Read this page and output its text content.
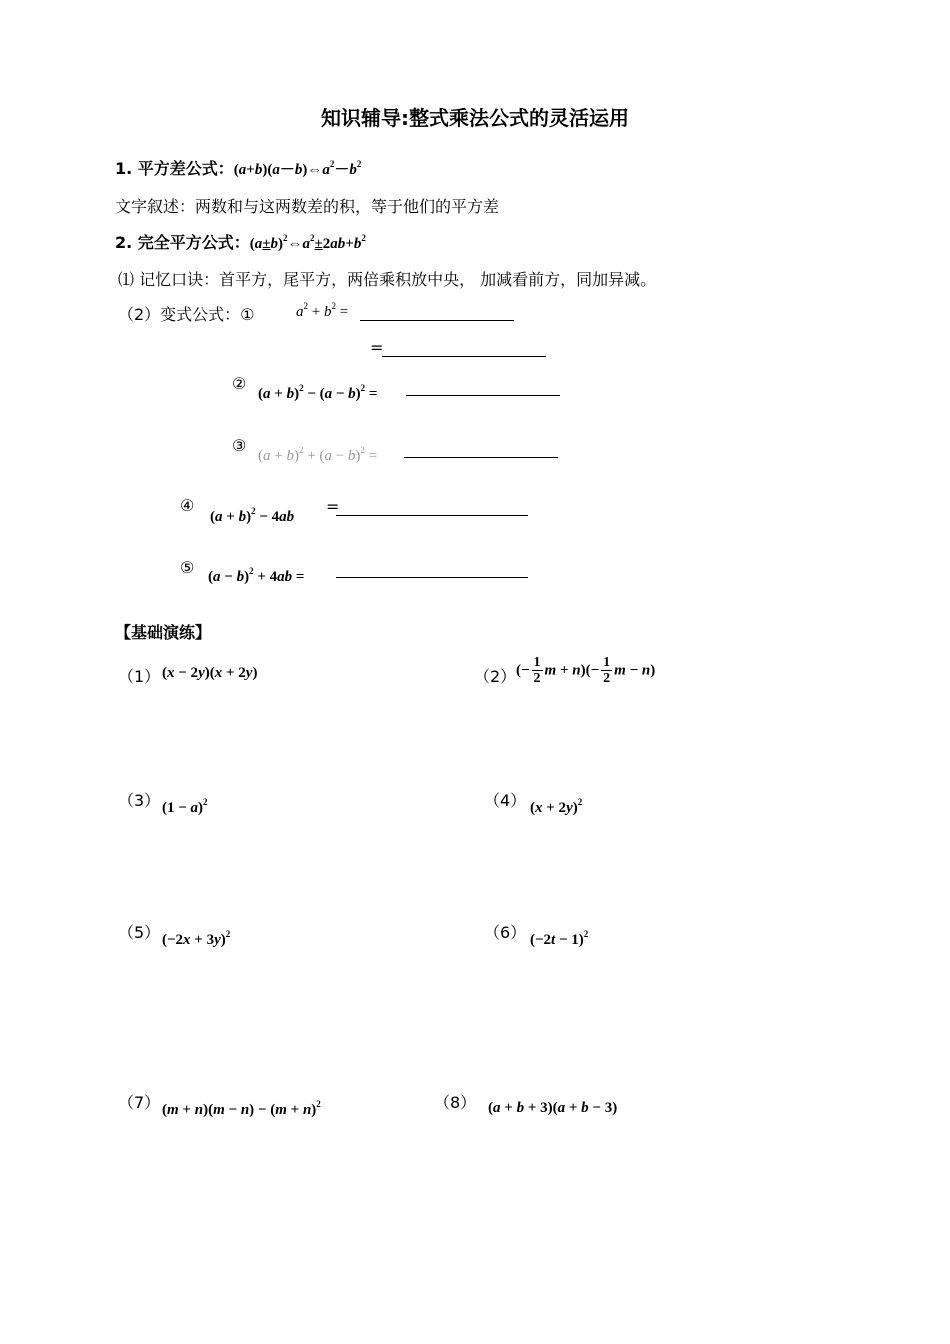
知识辅导:整式乘法公式的灵活运用
1. 平方差公式：$(a+b)(a-b)\Leftrightarrow a^2-b^2$
文字叙述：两数和与这两数差的积，等于他们的平方差
2. 完全平方公式：$(a\pm b)^2\Leftrightarrow a^2\pm 2ab+b^2$
⑴ 记忆口诀：首平方，尾平方，两倍乘积放中央， 加减看前方，同加异减。
（2）变式公式：①	$a^2 + b^2$ =
=
②
$(a + b)^2 - (a - b)^2$ =
③
$(a + b)^2 + (a - b)^2$ =
④
$(a + b)^2 - 4ab$
=
⑤ $(a - b)^2 + 4ab$ =
【基础演练】
（1） (x − 2y)(x + 2y)	（2） (− $\frac{1}{2}$ $m + n)(- \frac{1}{2}$ m − n)
（3） $(1 - a)^2$	（4） $(x + 2y)^2$
（5） $(-2x + 3y)^2$	（6） $(-2t - 1)^2$
（7） $(m + n)(m - n) - (m + n)^2$	（8） (a + b + 3)(a + b − 3)
